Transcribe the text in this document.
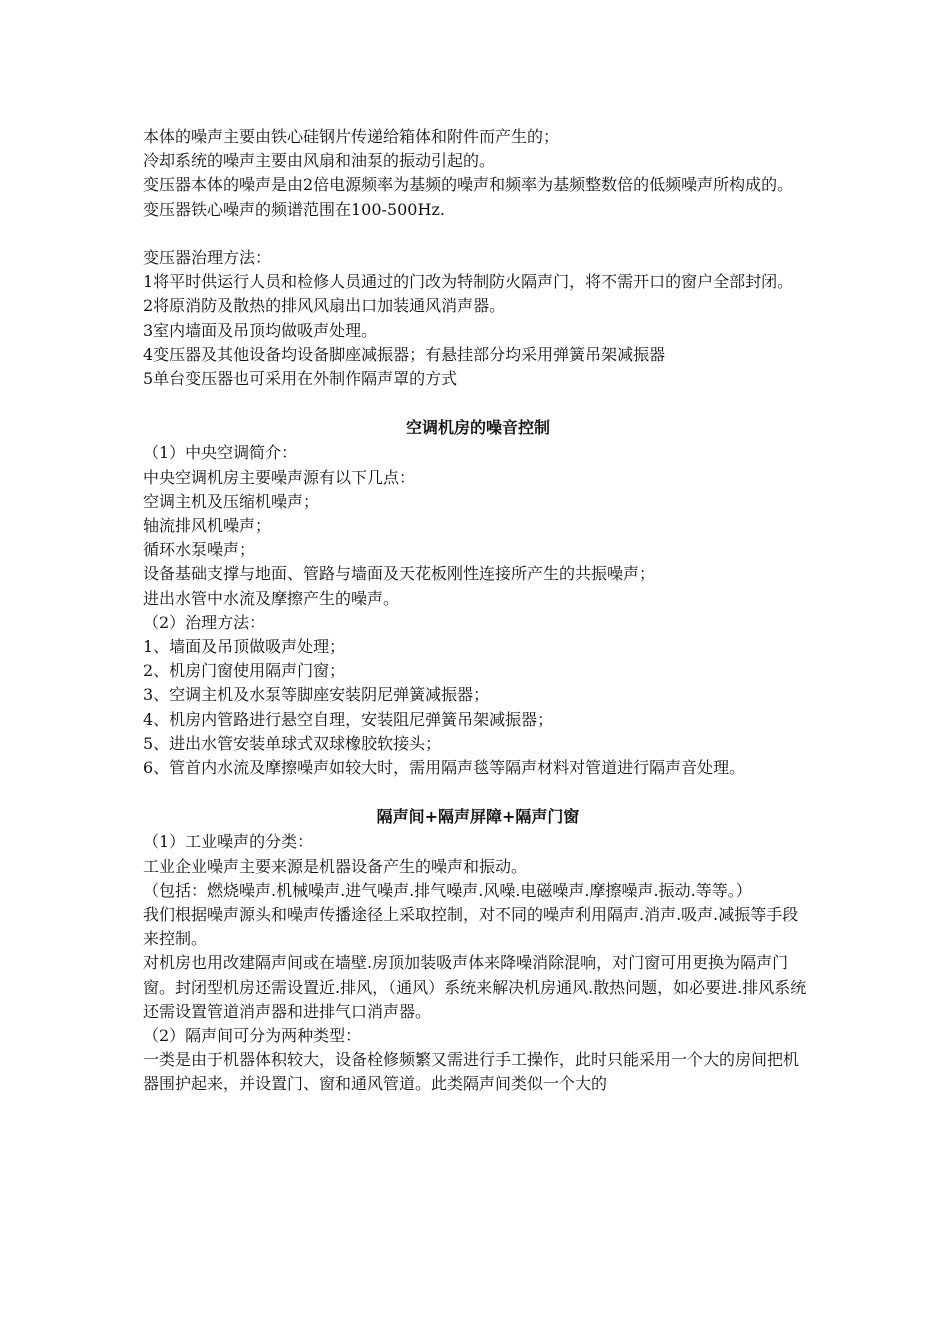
本体的噪声主要由铁心硅钢片传递给箱体和附件而产生的；

冷却系统的噪声主要由风扇和油泵的振动引起的。

变压器本体的噪声是由2倍电源频率为基频的噪声和频率为基频整数倍的低频噪声所构成的。

变压器铁心噪声的频谱范围在100-500Hz.

变压器治理方法：

1将平时供运行人员和检修人员通过的门改为特制防火隔声门，将不需开口的窗户全部封闭。

2将原消防及散热的排风风扇出口加装通风消声器。

3室内墙面及吊顶均做吸声处理。

4变压器及其他设备均设备脚座减振器；有悬挂部分均采用弹簧吊架减振器

5单台变压器也可采用在外制作隔声罩的方式

空调机房的噪音控制

（1）中央空调简介：

中央空调机房主要噪声源有以下几点：

空调主机及压缩机噪声；

轴流排风机噪声；

循环水泵噪声；

设备基础支撑与地面、管路与墙面及天花板刚性连接所产生的共振噪声；

进出水管中水流及摩擦产生的噪声。

（2）治理方法：

1、墙面及吊顶做吸声处理；

2、机房门窗使用隔声门窗；

3、空调主机及水泵等脚座安装阴尼弹簧减振器；

4、机房内管路进行悬空自理，安装阻尼弹簧吊架减振器；

5、进出水管安装单球式双球橡胶软接头；

6、管首内水流及摩擦噪声如较大时，需用隔声毯等隔声材料对管道进行隔声音处理。

隔声间+隔声屏障+隔声门窗

（1）工业噪声的分类：

工业企业噪声主要来源是机器设备产生的噪声和振动。

（包括：燃烧噪声.机械噪声.进气噪声.排气噪声.风噪.电磁噪声.摩擦噪声.振动.等等。）

我们根据噪声源头和噪声传播途径上采取控制，对不同的噪声利用隔声.消声.吸声.减振等手段来控制。

对机房也用改建隔声间或在墙壁.房顶加装吸声体来降噪消除混响，对门窗可用更换为隔声门窗。封闭型机房还需设置近.排风，（通风）系统来解决机房通风.散热问题，如必要进.排风系统还需设置管道消声器和进排气口消声器。

（2）隔声间可分为两种类型：

一类是由于机器体积较大，设备栓修频繁又需进行手工操作，此时只能采用一个大的房间把机器围护起来，并设置门、窗和通风管道。此类隔声间类似一个大的
